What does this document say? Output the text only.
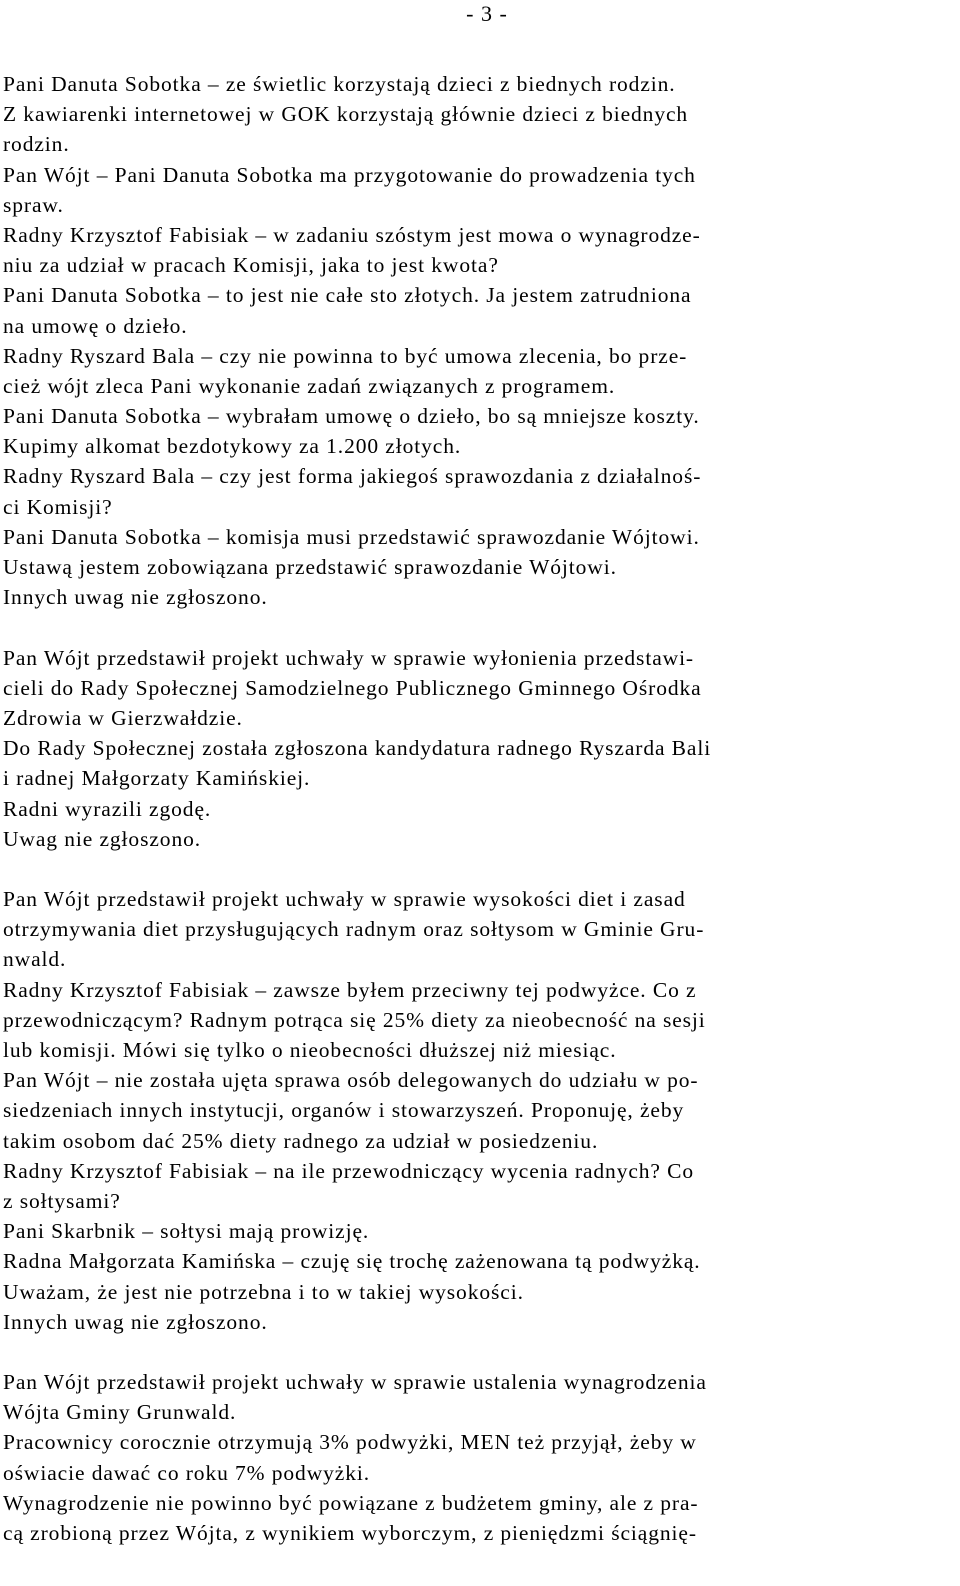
- 3 -
Pani Danuta Sobotka – ze świetlic korzystają dzieci z biednych rodzin.
Z kawiarenki internetowej w GOK korzystają głównie dzieci z biednych
rodzin.
Pan Wójt – Pani Danuta Sobotka ma przygotowanie do prowadzenia tych
spraw.
Radny Krzysztof Fabisiak – w zadaniu szóstym jest mowa o wynagrodze-
niu za udział w pracach Komisji, jaka to jest kwota?
Pani Danuta Sobotka – to jest nie całe sto złotych. Ja jestem zatrudniona
na umowę o dzieło.
Radny Ryszard Bala – czy nie powinna to być umowa zlecenia, bo prze-
cież wójt zleca Pani wykonanie zadań związanych z programem.
Pani Danuta Sobotka – wybrałam umowę o dzieło, bo są mniejsze koszty.
Kupimy alkomat bezdotykowy za 1.200 złotych.
Radny Ryszard Bala – czy jest forma jakiegoś sprawozdania z działalnoś-
ci Komisji?
Pani Danuta Sobotka – komisja musi przedstawić sprawozdanie Wójtowi.
Ustawą jestem zobowiązana przedstawić sprawozdanie Wójtowi.
Innych uwag nie zgłoszono.
Pan Wójt przedstawił projekt uchwały w sprawie wyłonienia przedstawi-
cieli do Rady Społecznej Samodzielnego Publicznego Gminnego Ośrodka
Zdrowia w Gierzwałdzie.
Do Rady Społecznej została zgłoszona kandydatura radnego Ryszarda Bali
i radnej Małgorzaty Kamińskiej.
Radni wyrazili zgodę.
Uwag nie zgłoszono.
Pan Wójt przedstawił projekt uchwały w sprawie wysokości diet i zasad
otrzymywania diet przysługujących radnym oraz sołtysom w Gminie Gru-
nwald.
Radny Krzysztof Fabisiak – zawsze byłem przeciwny tej podwyżce. Co z
przewodniczącym? Radnym potrąca się 25% diety za nieobecność na sesji
lub komisji. Mówi się tylko o nieobecności dłuższej niż miesiąc.
Pan Wójt – nie została ujęta sprawa osób delegowanych do udziału w po-
siedzeniach innych instytucji, organów i stowarzyszeń. Proponuję, żeby
takim osobom dać 25% diety radnego za udział w posiedzeniu.
Radny Krzysztof Fabisiak – na ile przewodniczący wycenia radnych? Co
z sołtysami?
Pani Skarbnik – sołtysi mają prowizję.
Radna Małgorzata Kamińska – czuję się trochę zażenowana tą podwyżką.
Uważam, że jest nie potrzebna i to w takiej wysokości.
Innych uwag nie zgłoszono.
Pan Wójt przedstawił projekt uchwały w sprawie ustalenia wynagrodzenia
Wójta Gminy Grunwald.
Pracownicy corocznie otrzymują 3% podwyżki, MEN też przyjął, żeby w
oświacie dawać co roku 7% podwyżki.
Wynagrodzenie nie powinno być powiązane z budżetem gminy, ale z pra-
cą zrobioną przez Wójta, z wynikiem wyborczym, z pieniędzmi ściągnię-
